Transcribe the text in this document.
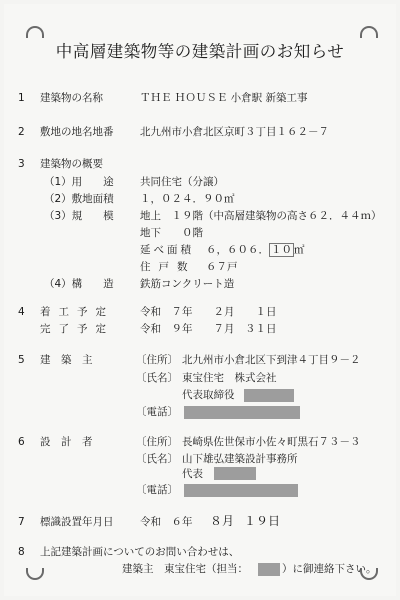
中高層建築物等の建築計画のお知らせ
1 建築物の名称	ＴＨＥ ＨＯＵＳＥ 小倉駅 新築工事
2 敷地の地名地番	北九州市小倉北区京町３丁目１６２－７
3 建築物の概要
（1）用　　途	共同住宅（分譲）
（2）敷地面積	１，０２４．９０㎡
（3）規　　模	地上　１９階（中高層建築物の高さ６２．４４ｍ）
地下　　０階
延べ面積 ６，６０６． １０ ㎡
住戸数 ６７戸
（4）構　　造	鉄筋コンクリート造
4 着工予定 令和　７年　　２月　　１日
完了予定 令和　９年　　７月　３１日
5 建　築　主	〔住所〕 北九州市小倉北区下到津４丁目９－２
〔氏名〕 東宝住宅　株式会社
代表取締役
〔電話〕
6 設　計　者	〔住所〕 長崎県佐世保市小佐々町黒石７３－３
〔氏名〕 山下雄弘建築設計事務所
代表
〔電話〕
7 標識設置年月日	令和　６年 ８月 １９日
8 上記建築計画についてのお問い合わせは、
建築主　東宝住宅（担当：	）に御連絡下さい。
